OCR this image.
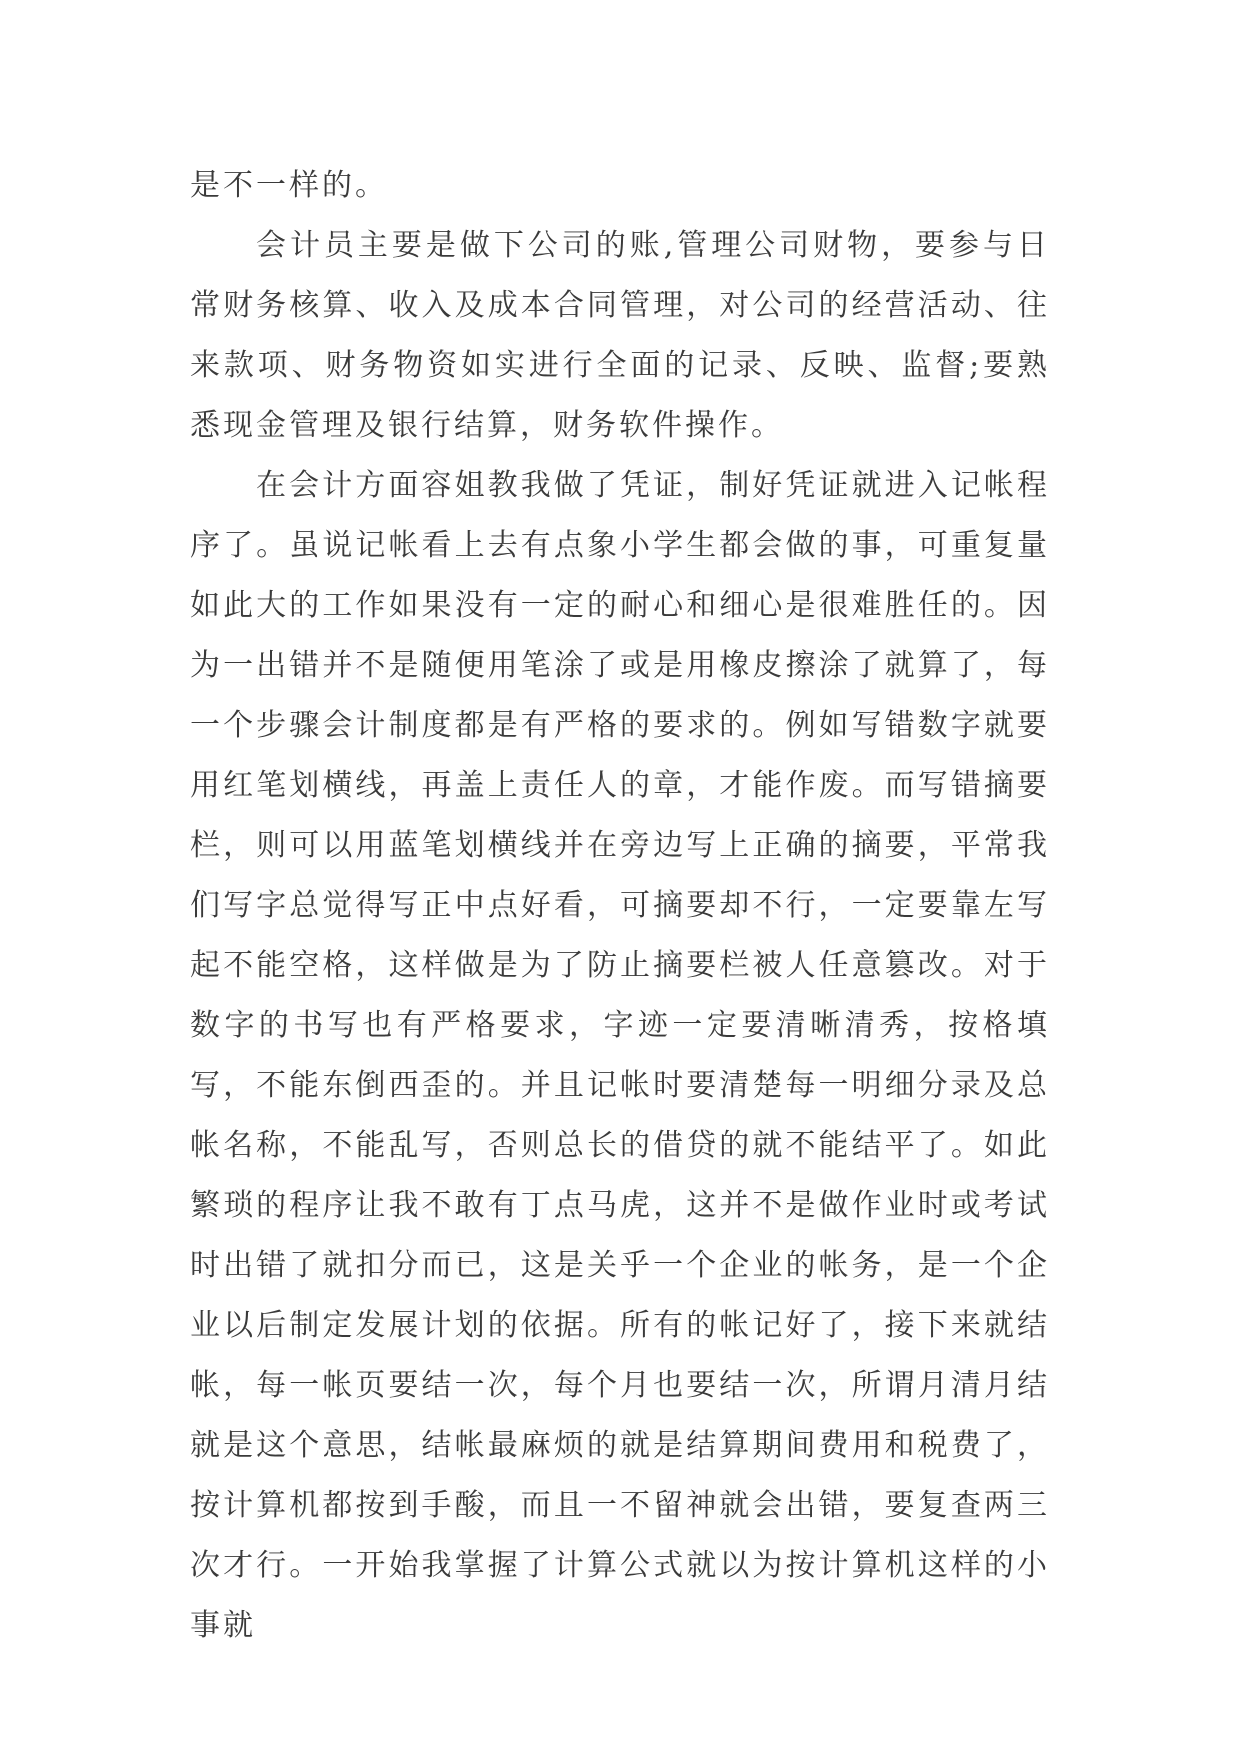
是不一样的。

会计员主要是做下公司的账,管理公司财物，要参与日常财务核算、收入及成本合同管理，对公司的经营活动、往来款项、财务物资如实进行全面的记录、反映、监督;要熟悉现金管理及银行结算，财务软件操作。

在会计方面容姐教我做了凭证，制好凭证就进入记帐程序了。虽说记帐看上去有点象小学生都会做的事，可重复量如此大的工作如果没有一定的耐心和细心是很难胜任的。因为一出错并不是随便用笔涂了或是用橡皮擦涂了就算了，每一个步骤会计制度都是有严格的要求的。例如写错数字就要用红笔划横线，再盖上责任人的章，才能作废。而写错摘要栏，则可以用蓝笔划横线并在旁边写上正确的摘要，平常我们写字总觉得写正中点好看，可摘要却不行，一定要靠左写起不能空格，这样做是为了防止摘要栏被人任意篡改。对于数字的书写也有严格要求，字迹一定要清晰清秀，按格填写，不能东倒西歪的。并且记帐时要清楚每一明细分录及总帐名称，不能乱写，否则总长的借贷的就不能结平了。如此繁琐的程序让我不敢有丁点马虎，这并不是做作业时或考试时出错了就扣分而已，这是关乎一个企业的帐务，是一个企业以后制定发展计划的依据。所有的帐记好了，接下来就结帐，每一帐页要结一次，每个月也要结一次，所谓月清月结就是这个意思，结帐最麻烦的就是结算期间费用和税费了，按计算机都按到手酸，而且一不留神就会出错，要复查两三次才行。一开始我掌握了计算公式就以为按计算机这样的小事就
